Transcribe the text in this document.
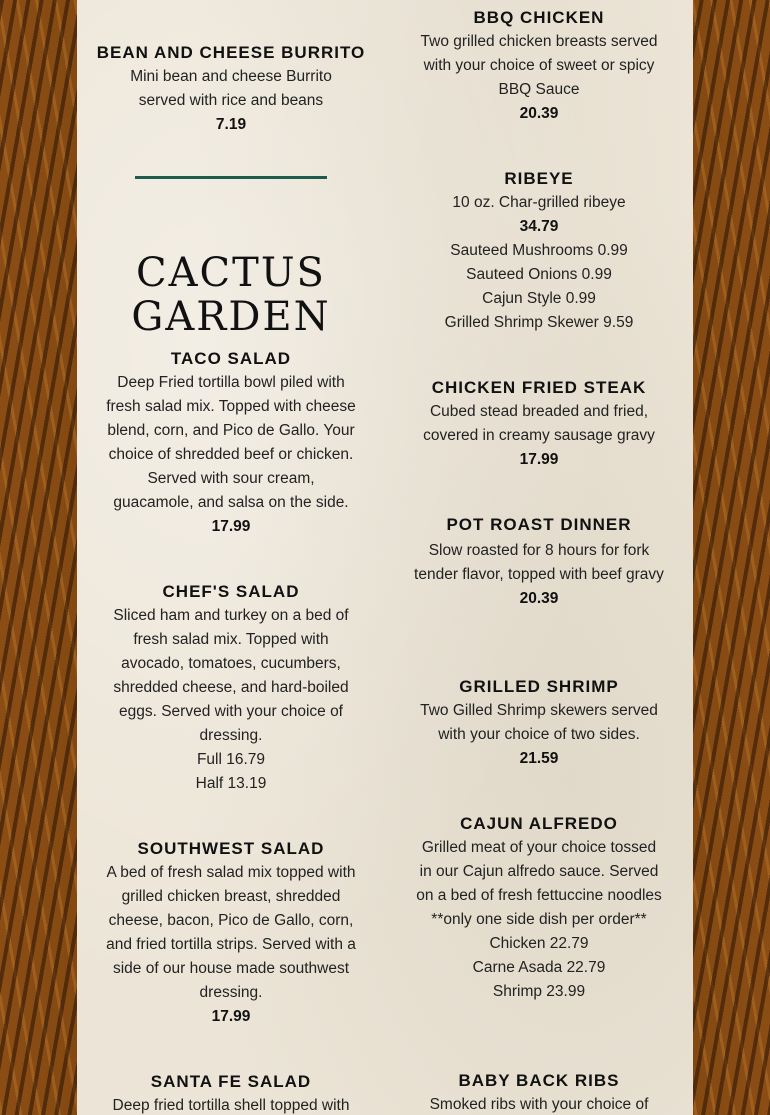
BEAN AND CHEESE BURRITO

Mini bean and cheese Burrito served with rice and beans

7.19
CACTUS GARDEN
TACO SALAD

Deep Fried tortilla bowl piled with fresh salad mix. Topped with cheese blend, corn, and Pico de Gallo. Your choice of shredded beef or chicken. Served with sour cream, guacamole, and salsa on the side.

17.99
CHEF'S SALAD

Sliced ham and turkey on a bed of fresh salad mix. Topped with avocado, tomatoes, cucumbers, shredded cheese, and hard-boiled eggs. Served with your choice of dressing.

Full 16.79
Half 13.19
SOUTHWEST SALAD

A bed of fresh salad mix topped with grilled chicken breast, shredded cheese, bacon, Pico de Gallo, corn, and fried tortilla strips. Served with a side of our house made southwest dressing.

17.99
SANTA FE SALAD

Deep fried tortilla shell topped with

BBQ CHICKEN

Two grilled chicken breasts served with your choice of sweet or spicy BBQ Sauce

20.39
RIBEYE

10 oz. Char-grilled ribeye

34.79
Sauteed Mushrooms 0.99
Sauteed Onions 0.99
Cajun Style 0.99
Grilled Shrimp Skewer 9.59
CHICKEN FRIED STEAK

Cubed stead breaded and fried, covered in creamy sausage gravy

17.99
POT ROAST DINNER

Slow roasted for 8 hours for fork tender flavor, topped with beef gravy

20.39
GRILLED SHRIMP

Two Gilled Shrimp skewers served with your choice of two sides.

21.59
CAJUN ALFREDO

Grilled meat of your choice tossed in our Cajun alfredo sauce. Served on a bed of fresh fettuccine noodles **only one side dish per order**

Chicken 22.79
Carne Asada 22.79
Shrimp 23.99
BABY BACK RIBS

Smoked ribs with your choice of
